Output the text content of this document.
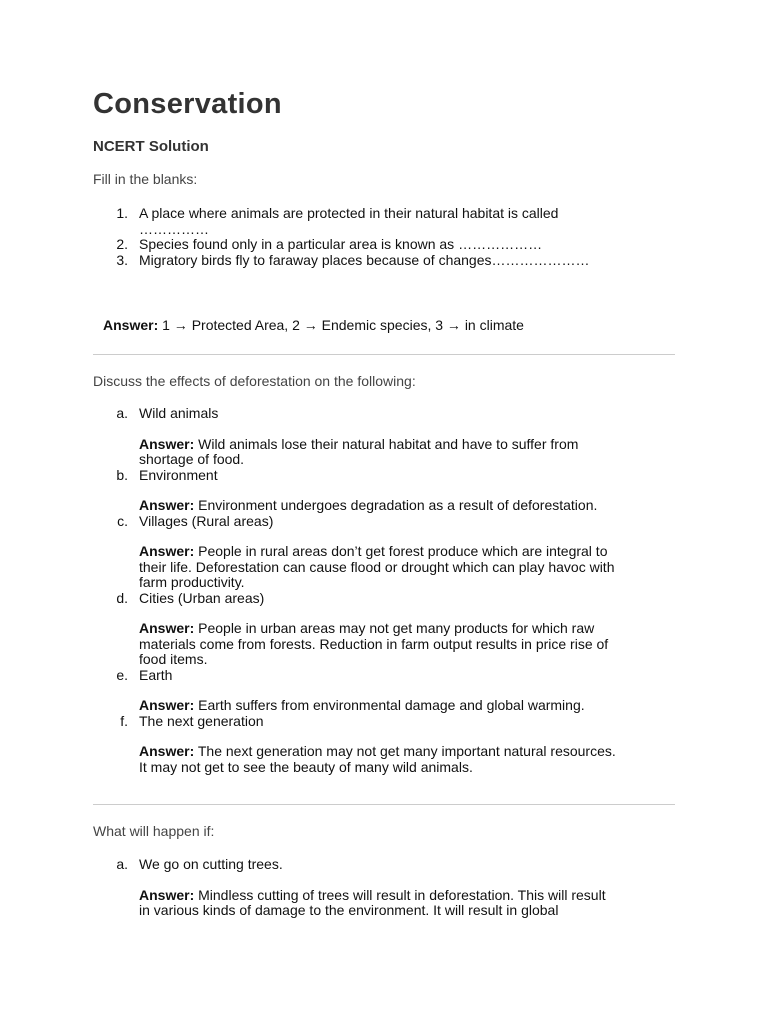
Conservation
NCERT Solution

Fill in the blanks:

1. A place where animals are protected in their natural habitat is called ……………
2. Species found only in a particular area is known as ………………
3. Migratory birds fly to faraway places because of changes…………………

Answer: 1 → Protected Area, 2 → Endemic species, 3 → in climate

Discuss the effects of deforestation on the following:

a. Wild animals
Answer: Wild animals lose their natural habitat and have to suffer from shortage of food.
b. Environment
Answer: Environment undergoes degradation as a result of deforestation.
c. Villages (Rural areas)
Answer: People in rural areas don’t get forest produce which are integral to their life. Deforestation can cause flood or drought which can play havoc with farm productivity.
d. Cities (Urban areas)
Answer: People in urban areas may not get many products for which raw materials come from forests. Reduction in farm output results in price rise of food items.
e. Earth
Answer: Earth suffers from environmental damage and global warming.
f. The next generation
Answer: The next generation may not get many important natural resources. It may not get to see the beauty of many wild animals.

What will happen if:

a. We go on cutting trees.
Answer: Mindless cutting of trees will result in deforestation. This will result in various kinds of damage to the environment. It will result in global
